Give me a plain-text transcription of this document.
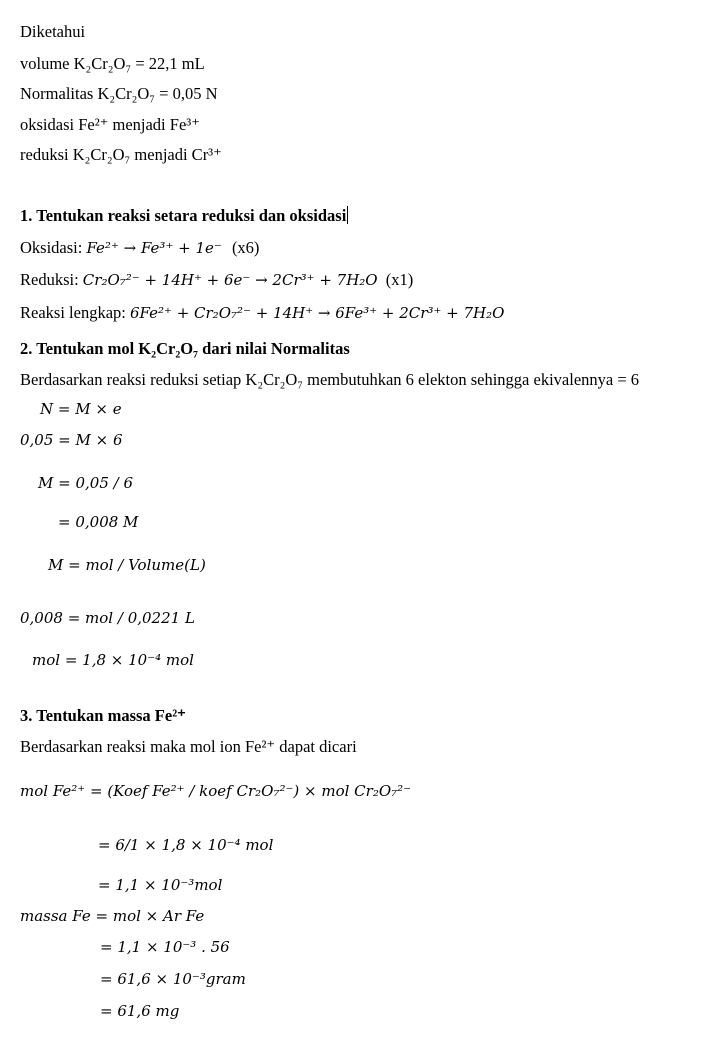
Diketahui
volume K₂Cr₂O₇ = 22,1 mL
Normalitas K₂Cr₂O₇ = 0,05 N
oksidasi Fe²⁺ menjadi Fe³⁺
reduksi K₂Cr₂O₇ menjadi Cr³⁺
1. Tentukan reaksi setara reduksi dan oksidasi
Oksidasi: Fe²⁺ → Fe³⁺ + 1e⁻ (x6)
Reduksi: Cr₂O₇²⁻ + 14H⁺ + 6e⁻ → 2Cr³⁺ + 7H₂O (x1)
Reaksi lengkap: 6Fe²⁺ + Cr₂O₇²⁻ + 14H⁺ → 6Fe³⁺ + 2Cr³⁺ + 7H₂O
2. Tentukan mol K₂Cr₂O₇ dari nilai Normalitas
Berdasarkan reaksi reduksi setiap K₂Cr₂O₇ membutuhkan 6 elekton sehingga ekivalennya = 6
N = M × e
0,05 = M × 6
M = 0,05 / 6
= 0,008 M
M = mol / Volume(L)
0,008 = mol / 0,0221 L
mol = 1,8 × 10⁻⁴ mol
3. Tentukan massa Fe²⁺
Berdasarkan reaksi maka mol ion Fe²⁺ dapat dicari
mol Fe²⁺ = (Koef Fe²⁺ / koef Cr₂O₇²⁻) × mol Cr₂O₇²⁻
= 6/1 × 1,8 × 10⁻⁴ mol
= 1,1 × 10⁻³mol
massa Fe = mol × Ar Fe
= 1,1 × 10⁻³ . 56
= 61,6 × 10⁻³gram
= 61,6 mg
